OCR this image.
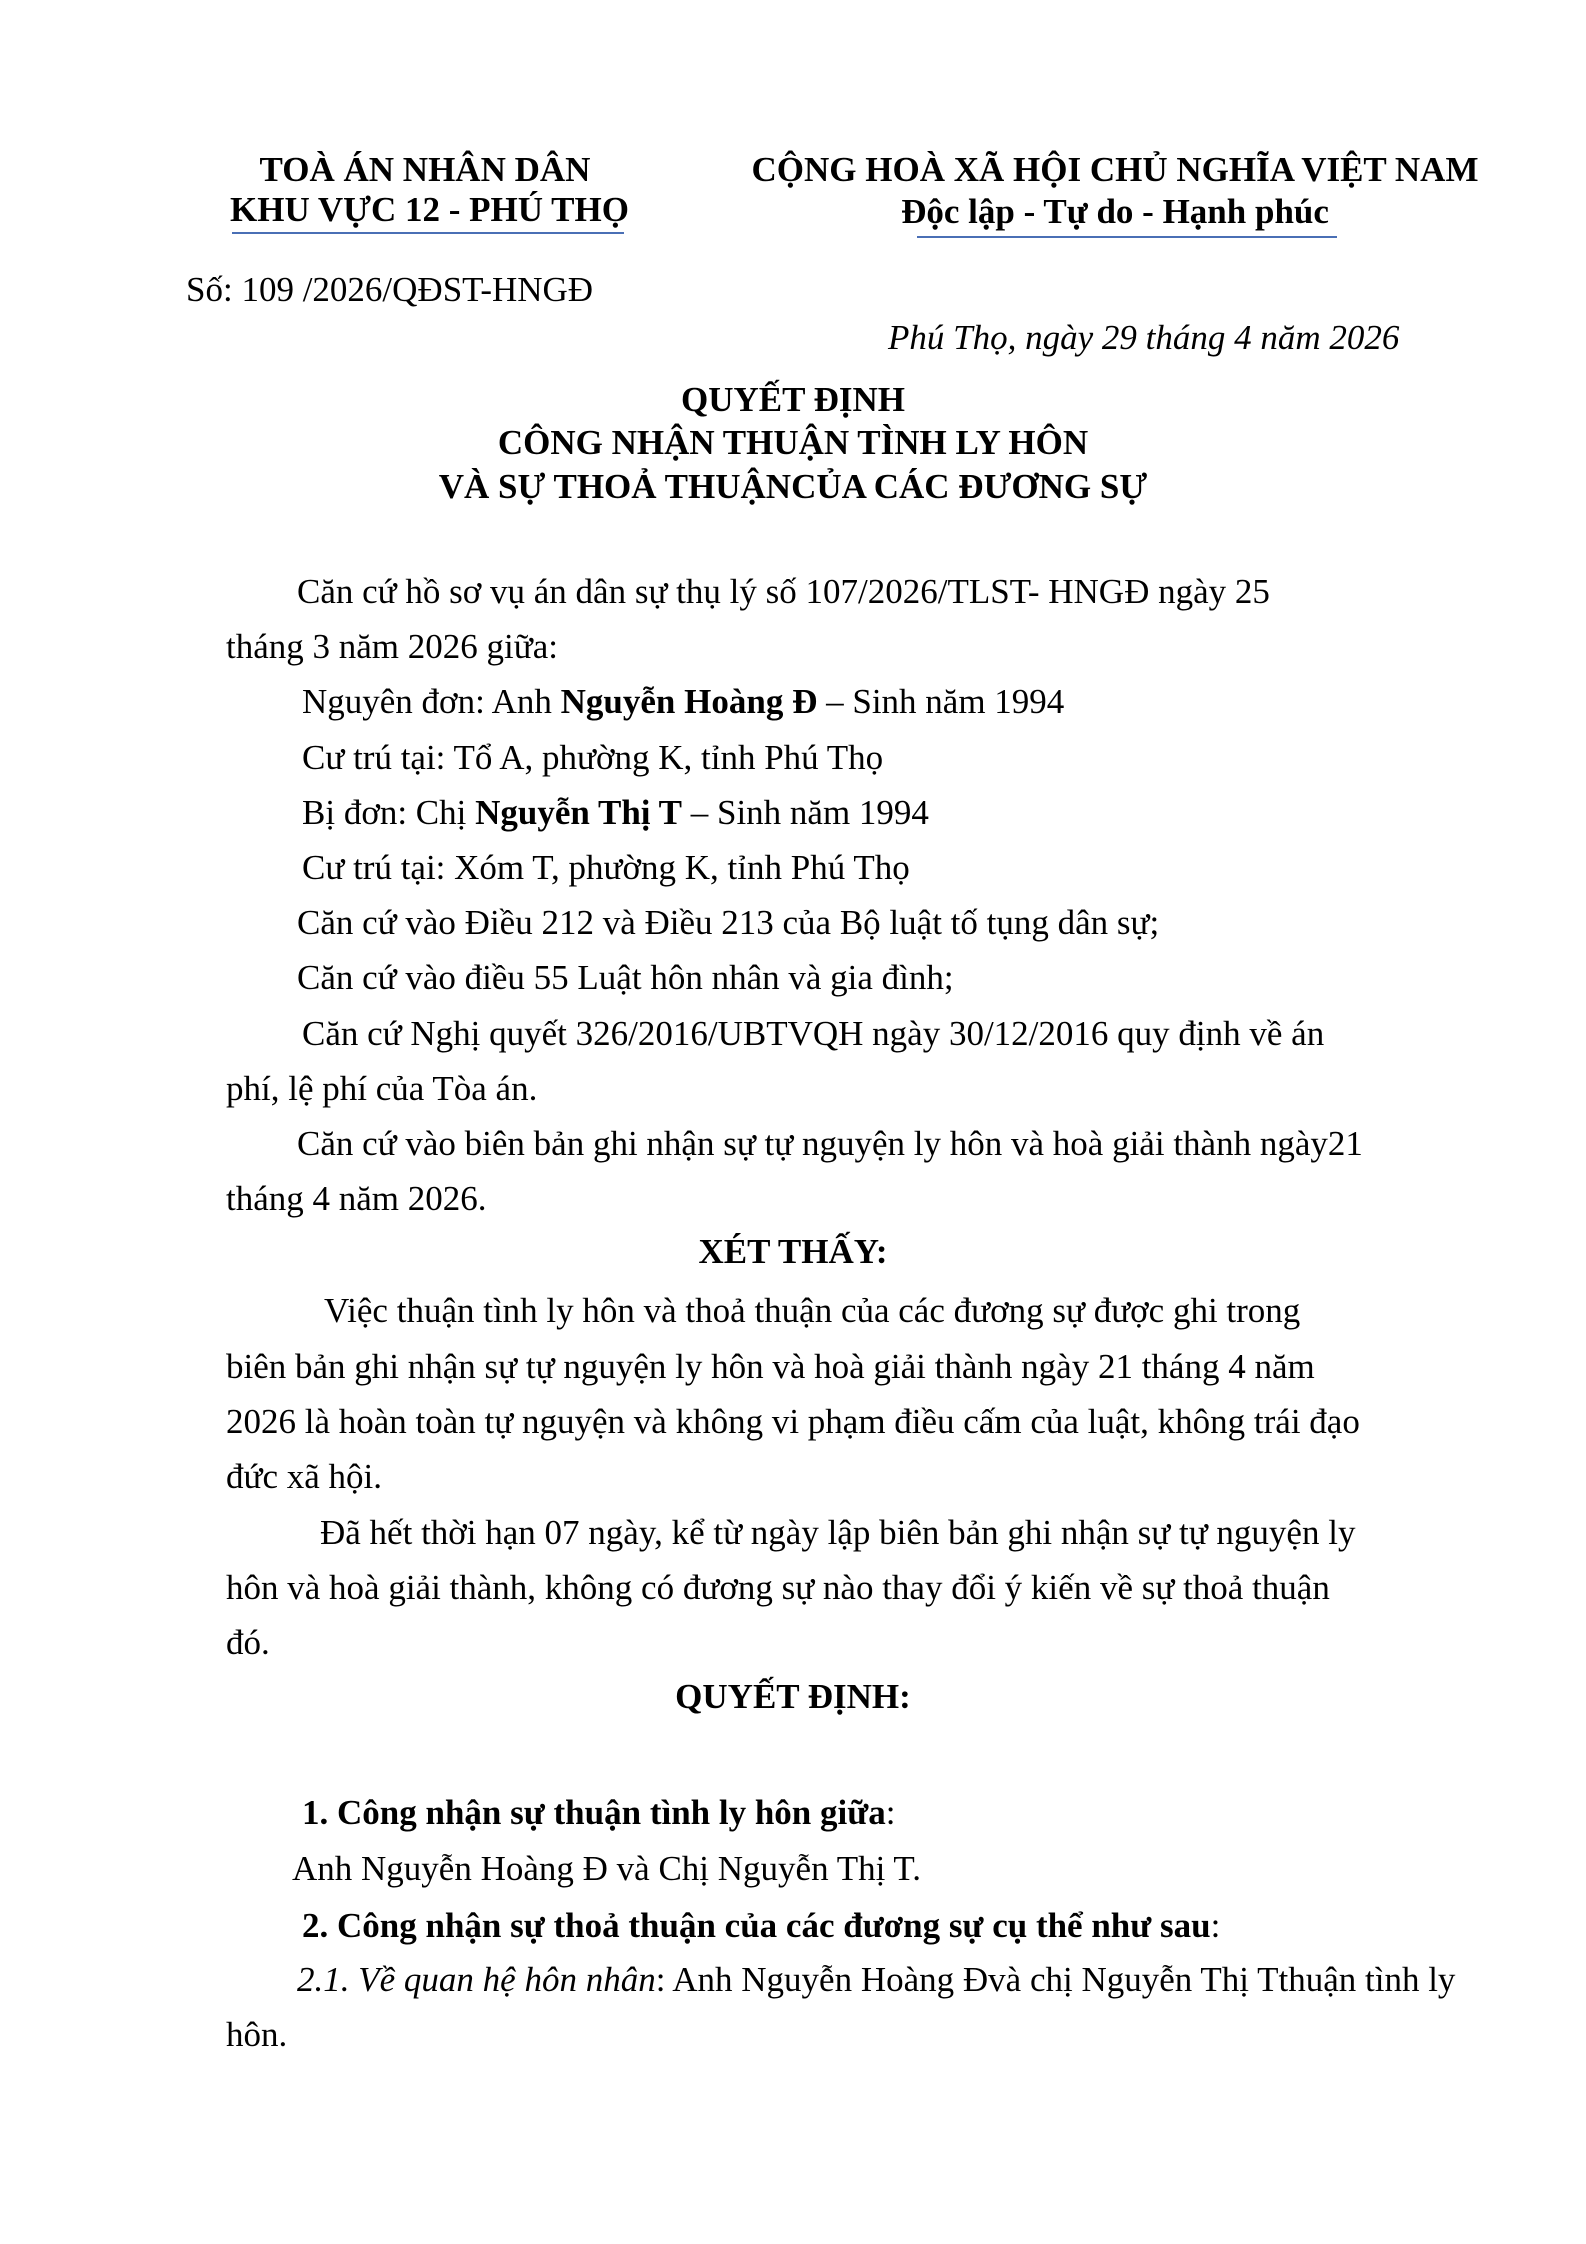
TOÀ ÁN NHÂN DÂN
KHU VỰC 12 - PHÚ THỌ
CỘNG HOÀ XÃ HỘI CHỦ NGHĨA VIỆT NAM
Độc lập - Tự do - Hạnh phúc
Số: 109 /2026/QĐST-HNGĐ
Phú Thọ, ngày 29 tháng 4 năm 2026
QUYẾT ĐỊNH
CÔNG NHẬN THUẬN TÌNH LY HÔN
VÀ SỰ THOẢ THUẬNCỦA CÁC ĐƯƠNG SỰ
Căn cứ hồ sơ vụ án dân sự thụ lý số 107/2026/TLST- HNGĐ ngày 25
tháng 3 năm 2026 giữa:
Nguyên đơn: Anh Nguyễn Hoàng Đ – Sinh năm 1994
Cư trú tại: Tổ A, phường K, tỉnh Phú Thọ
Bị đơn: Chị Nguyễn Thị T – Sinh năm 1994
Cư trú tại: Xóm T, phường K, tỉnh Phú Thọ
Căn cứ vào Điều 212 và Điều 213 của Bộ luật tố tụng dân sự;
Căn cứ vào điều 55 Luật hôn nhân và gia đình;
Căn cứ Nghị quyết 326/2016/UBTVQH ngày 30/12/2016 quy định về án
phí, lệ phí của Tòa án.
Căn cứ vào biên bản ghi nhận sự tự nguyện ly hôn và hoà giải thành ngày21
tháng 4 năm 2026.
XÉT THẤY:
Việc thuận tình ly hôn và thoả thuận của các đương sự được ghi trong
biên bản ghi nhận sự tự nguyện ly hôn và hoà giải thành ngày 21 tháng 4 năm
2026 là hoàn toàn tự nguyện và không vi phạm điều cấm của luật, không trái đạo
đức xã hội.
Đã hết thời hạn 07 ngày, kể từ ngày lập biên bản ghi nhận sự tự nguyện ly
hôn và hoà giải thành, không có đương sự nào thay đổi ý kiến về sự thoả thuận
đó.
QUYẾT ĐỊNH:
1. Công nhận sự thuận tình ly hôn giữa:
Anh Nguyễn Hoàng Đ và Chị Nguyễn Thị T.
2. Công nhận sự thoả thuận của các đương sự cụ thể như sau:
2.1. Về quan hệ hôn nhân: Anh Nguyễn Hoàng Đvà chị Nguyễn Thị Tthuận tình ly
hôn.
